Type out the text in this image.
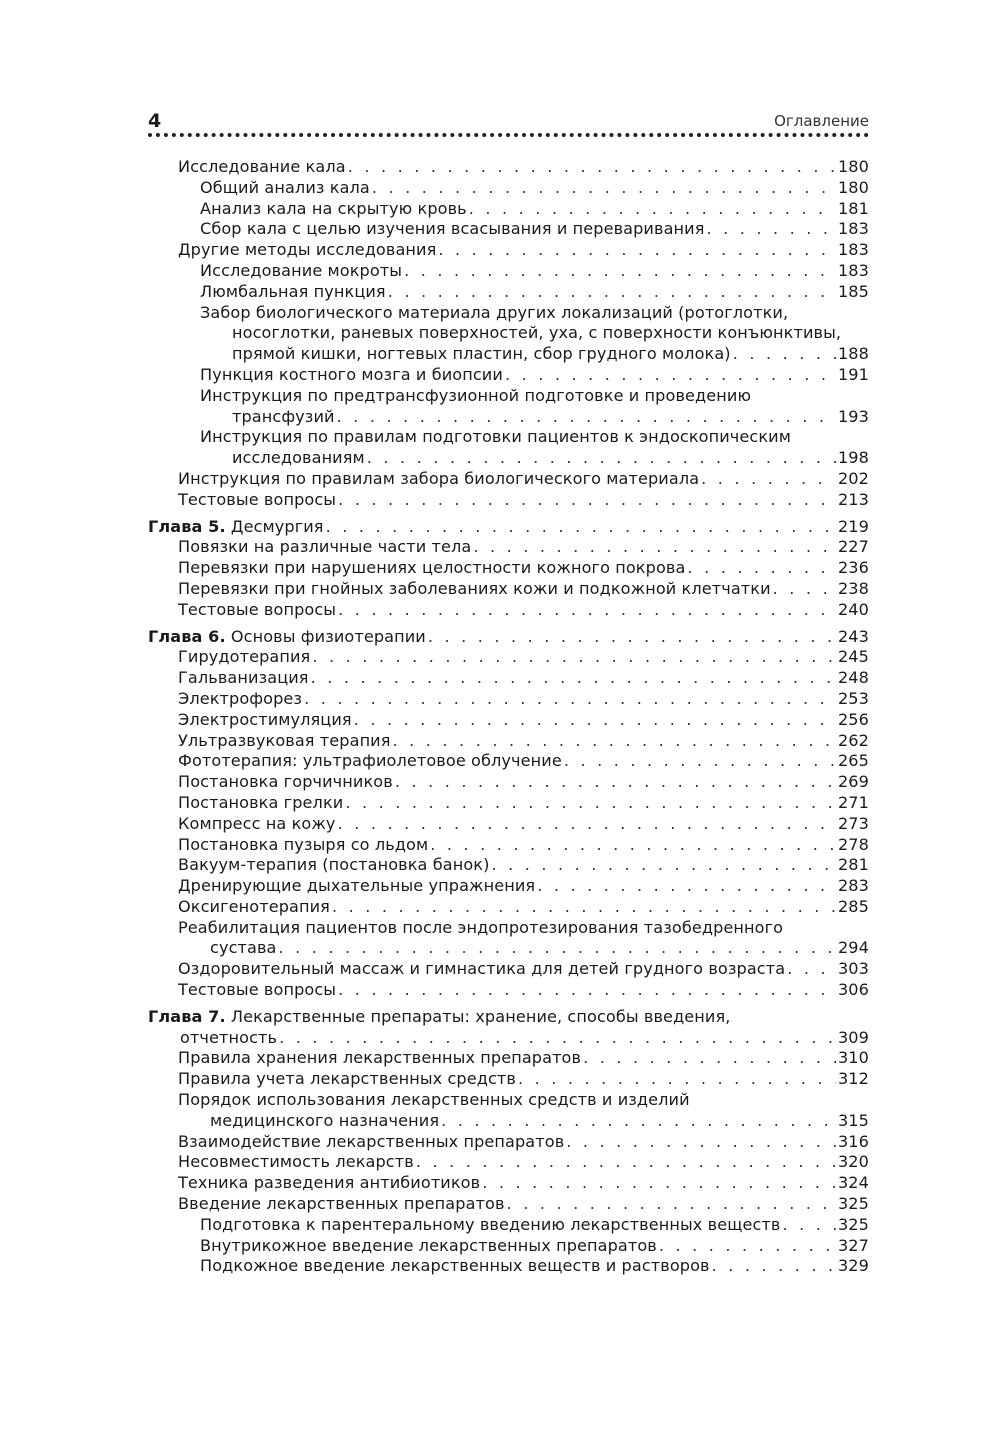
4	Оглавление
Исследование кала . . .	180
Общий анализ кала . . .	180
Анализ кала на скрытую кровь . . .	181
Сбор кала с целью изучения всасывания и переваривания . . .	183
Другие методы исследования . . .	183
Исследование мокроты . . .	183
Люмбальная пункция . . .	185
Забор биологического материала других локализаций (ротоглотки,
носоглотки, раневых поверхностей, уха, с поверхности конъюнктивы,
прямой кишки, ногтевых пластин, сбор грудного молока) . . .	188
Пункция костного мозга и биопсии . . .	191
Инструкция по предтрансфузионной подготовке и проведению
трансфузий . . .	193
Инструкция по правилам подготовки пациентов к эндоскопическим
исследованиям . . .	198
Инструкция по правилам забора биологического материала . . .	202
Тестовые вопросы . . .	213
Глава 5. Десмургия . . .	219
Повязки на различные части тела . . .	227
Перевязки при нарушениях целостности кожного покрова . . .	236
Перевязки при гнойных заболеваниях кожи и подкожной клетчатки . . .	238
Тестовые вопросы . . .	240
Глава 6. Основы физиотерапии . . .	243
Гирудотерапия . . .	245
Гальванизация . . .	248
Электрофорез . . .	253
Электростимуляция . . .	256
Ультразвуковая терапия . . .	262
Фототерапия: ультрафиолетовое облучение . . .	265
Постановка горчичников . . .	269
Постановка грелки . . .	271
Компресс на кожу . . .	273
Постановка пузыря со льдом . . .	278
Вакуум-терапия (постановка банок) . . .	281
Дренирующие дыхательные упражнения . . .	283
Оксигенотерапия . . .	285
Реабилитация пациентов после эндопротезирования тазобедренного
сустава . . .	294
Оздоровительный массаж и гимнастика для детей грудного возраста . . .	303
Тестовые вопросы . . .	306
Глава 7. Лекарственные препараты: хранение, способы введения,
отчетность . . .	309
Правила хранения лекарственных препаратов . . .	310
Правила учета лекарственных средств . . .	312
Порядок использования лекарственных средств и изделий
медицинского назначения . . .	315
Взаимодействие лекарственных препаратов . . .	316
Несовместимость лекарств . . .	320
Техника разведения антибиотиков . . .	324
Введение лекарственных препаратов . . .	325
Подготовка к парентеральному введению лекарственных веществ . . .	325
Внутрикожное введение лекарственных препаратов . . .	327
Подкожное введение лекарственных веществ и растворов . . .	329
